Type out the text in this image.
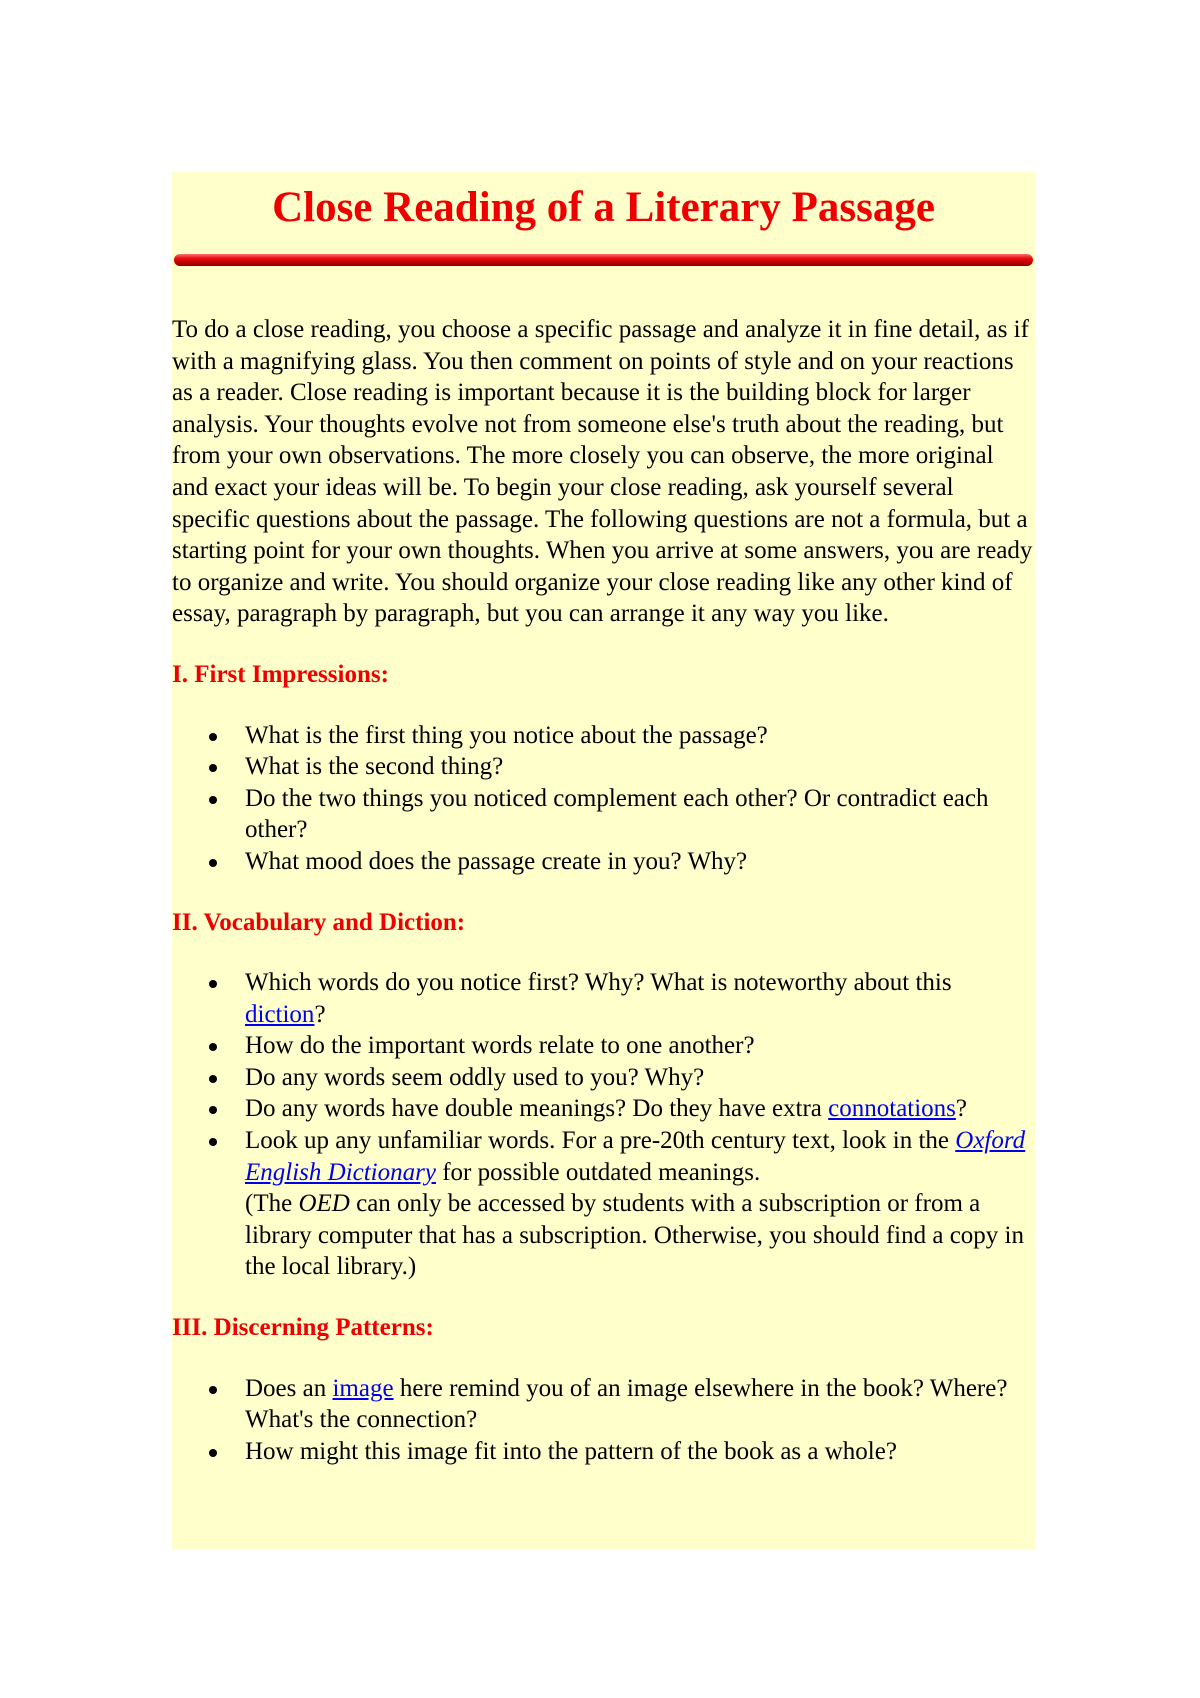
Close Reading of a Literary Passage

To do a close reading, you choose a specific passage and analyze it in fine detail, as if with a magnifying glass. You then comment on points of style and on your reactions as a reader. Close reading is important because it is the building block for larger analysis. Your thoughts evolve not from someone else's truth about the reading, but from your own observations. The more closely you can observe, the more original and exact your ideas will be. To begin your close reading, ask yourself several specific questions about the passage. The following questions are not a formula, but a starting point for your own thoughts. When you arrive at some answers, you are ready to organize and write. You should organize your close reading like any other kind of essay, paragraph by paragraph, but you can arrange it any way you like.

I. First Impressions:
What is the first thing you notice about the passage?
What is the second thing?
Do the two things you noticed complement each other? Or contradict each other?
What mood does the passage create in you? Why?
II. Vocabulary and Diction:
Which words do you notice first? Why? What is noteworthy about this diction?
How do the important words relate to one another?
Do any words seem oddly used to you? Why?
Do any words have double meanings? Do they have extra connotations?
Look up any unfamiliar words. For a pre-20th century text, look in the Oxford English Dictionary for possible outdated meanings.
(The OED can only be accessed by students with a subscription or from a library computer that has a subscription. Otherwise, you should find a copy in the local library.)
III. Discerning Patterns:
Does an image here remind you of an image elsewhere in the book? Where? What's the connection?
How might this image fit into the pattern of the book as a whole?
